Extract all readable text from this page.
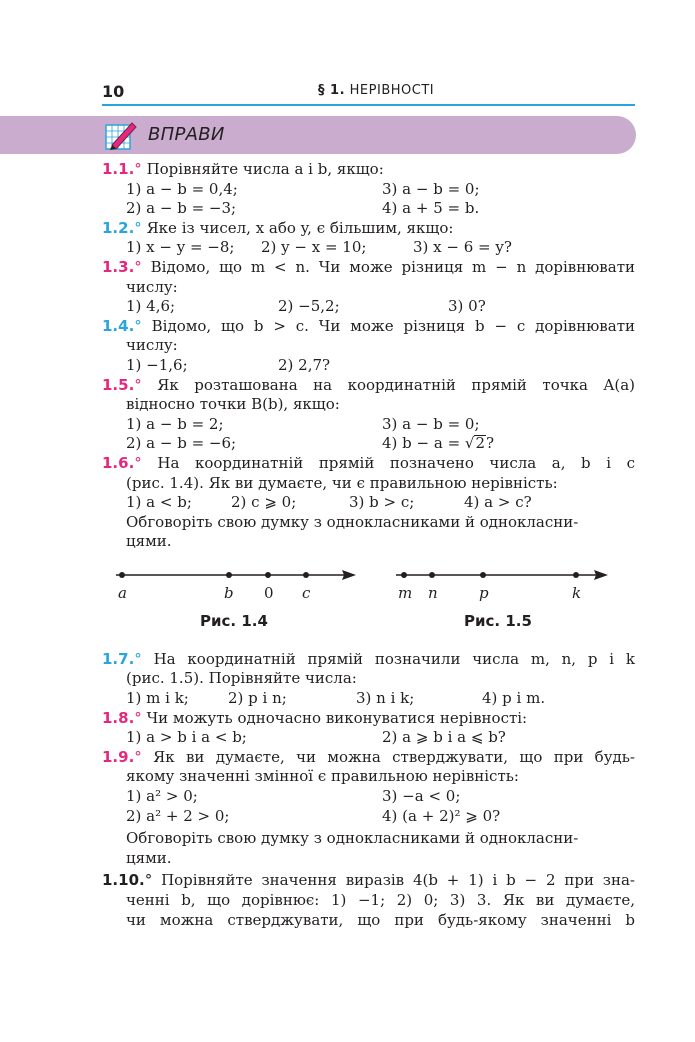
10	§ 1. НЕРІВНОСТІ
ВПРАВИ
1.1.° Порівняйте числа a і b, якщо:
1) a − b = 0,4;	3) a − b = 0;
2) a − b = −3;	4) a + 5 = b.
1.2.° Яке із чисел, x або y, є більшим, якщо:
1) x − y = −8;	2) y − x = 10;	3) x − 6 = y?
1.3.° Відомо, що m < n. Чи може різниця m − n дорівнювати
числу:
1) 4,6;	2) −5,2;	3) 0?
1.4.° Відомо, що b > c. Чи може різниця b − c дорівнювати
числу:
1) −1,6;	2) 2,7?
1.5.° Як розташована на координатній прямій точка A(a)
відносно точки B(b), якщо:
1) a − b = 2;	3) a − b = 0;
2) a − b = −6;	4) b − a = √2?
1.6.° На координатній прямій позначено числа a, b і c
(рис. 1.4). Як ви думаєте, чи є правильною нерівність:
1) a < b;	2) c ⩾ 0;	3) b > c;	4) a > c?
Обговоріть свою думку з однокласниками й однокласни-
цями.
a	b 0 c
Рис. 1.4
m n	p	k
Рис. 1.5
1.7.° На координатній прямій позначили числа m, n, p і k
(рис. 1.5). Порівняйте числа:
1) m і k;	2) p і n;	3) n і k;	4) p і m.
1.8.° Чи можуть одночасно виконуватися нерівності:
1) a > b і a < b;	2) a ⩾ b і a ⩽ b?
1.9.° Як ви думаєте, чи можна стверджувати, що при будь-
якому значенні змінної є правильною нерівність:
1) a² > 0;	3) −a < 0;
2) a² + 2 > 0;	4) (a + 2)² ⩾ 0?
Обговоріть свою думку з однокласниками й однокласни-
цями.
1.10.° Порівняйте значення виразів 4(b + 1) і b − 2 при зна-
ченні b, що дорівнює: 1) −1; 2) 0; 3) 3. Як ви думаєте,
чи можна стверджувати, що при будь-якому значенні b
